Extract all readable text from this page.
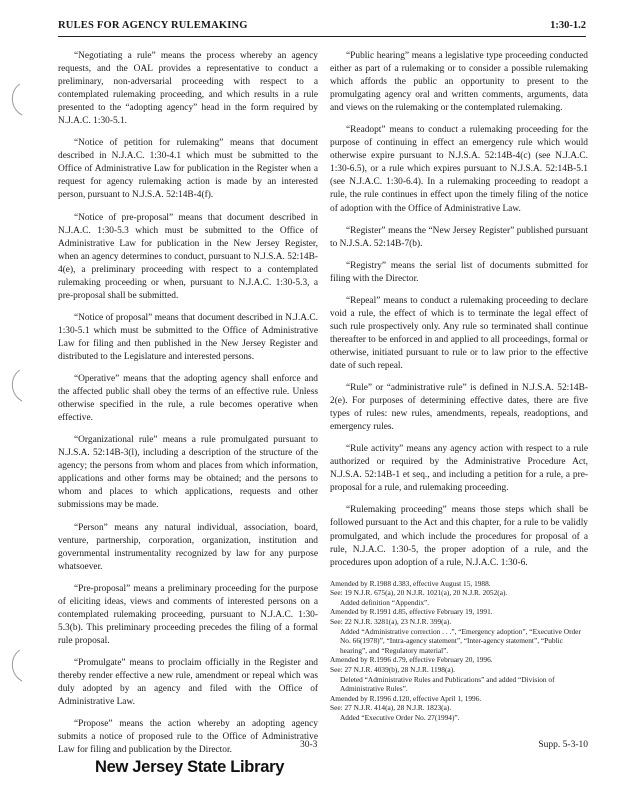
RULES FOR AGENCY RULEMAKING	1:30-1.2

“Negotiating a rule” means the process whereby an agency requests, and the OAL provides a representative to conduct a preliminary, non-adversarial proceeding with respect to a contemplated rulemaking proceeding, and which results in a rule presented to the “adopting agency” head in the form required by N.J.A.C. 1:30-5.1.

“Notice of petition for rulemaking” means that document described in N.J.A.C. 1:30-4.1 which must be submitted to the Office of Administrative Law for publication in the Register when a request for agency rulemaking action is made by an interested person, pursuant to N.J.S.A. 52:14B-4(f).

“Notice of pre-proposal” means that document described in N.J.A.C. 1:30-5.3 which must be submitted to the Office of Administrative Law for publication in the New Jersey Register, when an agency determines to conduct, pursuant to N.J.S.A. 52:14B-4(e), a preliminary proceeding with respect to a contemplated rulemaking proceeding or when, pursuant to N.J.A.C. 1:30-5.3, a pre-proposal shall be submitted.

“Notice of proposal” means that document described in N.J.A.C. 1:30-5.1 which must be submitted to the Office of Administrative Law for filing and then published in the New Jersey Register and distributed to the Legislature and interested persons.

“Operative” means that the adopting agency shall enforce and the affected public shall obey the terms of an effective rule. Unless otherwise specified in the rule, a rule becomes operative when effective.

“Organizational rule” means a rule promulgated pursuant to N.J.S.A. 52:14B-3(l), including a description of the structure of the agency; the persons from whom and places from which information, applications and other forms may be obtained; and the persons to whom and places to which applications, requests and other submissions may be made.

“Person” means any natural individual, association, board, venture, partnership, corporation, organization, institution and governmental instrumentality recognized by law for any purpose whatsoever.

“Pre-proposal” means a preliminary proceeding for the purpose of eliciting ideas, views and comments of interested persons on a contemplated rulemaking proceeding, pursuant to N.J.A.C. 1:30-5.3(b). This preliminary proceeding precedes the filing of a formal rule proposal.

“Promulgate” means to proclaim officially in the Register and thereby render effective a new rule, amendment or repeal which was duly adopted by an agency and filed with the Office of Administrative Law.

“Propose” means the action whereby an adopting agency submits a notice of proposed rule to the Office of Administrative Law for filing and publication by the Director.

“Public hearing” means a legislative type proceeding conducted either as part of a rulemaking or to consider a possible rulemaking which affords the public an opportunity to present to the promulgating agency oral and written comments, arguments, data and views on the rulemaking or the contemplated rulemaking.

“Readopt” means to conduct a rulemaking proceeding for the purpose of continuing in effect an emergency rule which would otherwise expire pursuant to N.J.S.A. 52:14B-4(c) (see N.J.A.C. 1:30-6.5), or a rule which expires pursuant to N.J.S.A. 52:14B-5.1 (see N.J.A.C. 1:30-6.4). In a rulemaking proceeding to readopt a rule, the rule continues in effect upon the timely filing of the notice of adoption with the Office of Administrative Law.

“Register” means the “New Jersey Register” published pursuant to N.J.S.A. 52:14B-7(b).

“Registry” means the serial list of documents submitted for filing with the Director.

“Repeal” means to conduct a rulemaking proceeding to declare void a rule, the effect of which is to terminate the legal effect of such rule prospectively only. Any rule so terminated shall continue thereafter to be enforced in and applied to all proceedings, formal or otherwise, initiated pursuant to rule or to law prior to the effective date of such repeal.

“Rule” or “administrative rule” is defined in N.J.S.A. 52:14B-2(e). For purposes of determining effective dates, there are five types of rules: new rules, amendments, repeals, readoptions, and emergency rules.

“Rule activity” means any agency action with respect to a rule authorized or required by the Administrative Procedure Act, N.J.S.A. 52:14B-1 et seq., and including a petition for a rule, a pre-proposal for a rule, and rulemaking proceeding.

“Rulemaking proceeding” means those steps which shall be followed pursuant to the Act and this chapter, for a rule to be validly promulgated, and which include the procedures for proposal of a rule, N.J.A.C. 1:30-5, the proper adoption of a rule, and the procedures upon adoption of a rule, N.J.A.C. 1:30-6.

Amended by R.1988 d.383, effective August 15, 1988.
See: 19 N.J.R. 675(a), 20 N.J.R. 1021(a), 20 N.J.R. 2052(a).
Added definition “Appendix”.
Amended by R.1991 d.85, effective February 19, 1991.
See: 22 N.J.R. 3281(a), 23 N.J.R. 399(a).
Added “Administrative correction . . .”, “Emergency adoption”, “Executive Order No. 66(1978)”, “Intra-agency statement”, “Inter-agency statement”, “Public hearing”, and “Regulatory material”.
Amended by R.1996 d.79, effective February 20, 1996.
See: 27 N.J.R. 4039(b), 28 N.J.R. 1198(a).
Deleted “Administrative Rules and Publications” and added “Division of Administrative Rules”.
Amended by R.1996 d.120, effective April 1, 1996.
See: 27 N.J.R. 414(a), 28 N.J.R. 1823(a).
Added “Executive Order No. 27(1994)”.
30-3	Supp. 5-3-10
New Jersey State Library
